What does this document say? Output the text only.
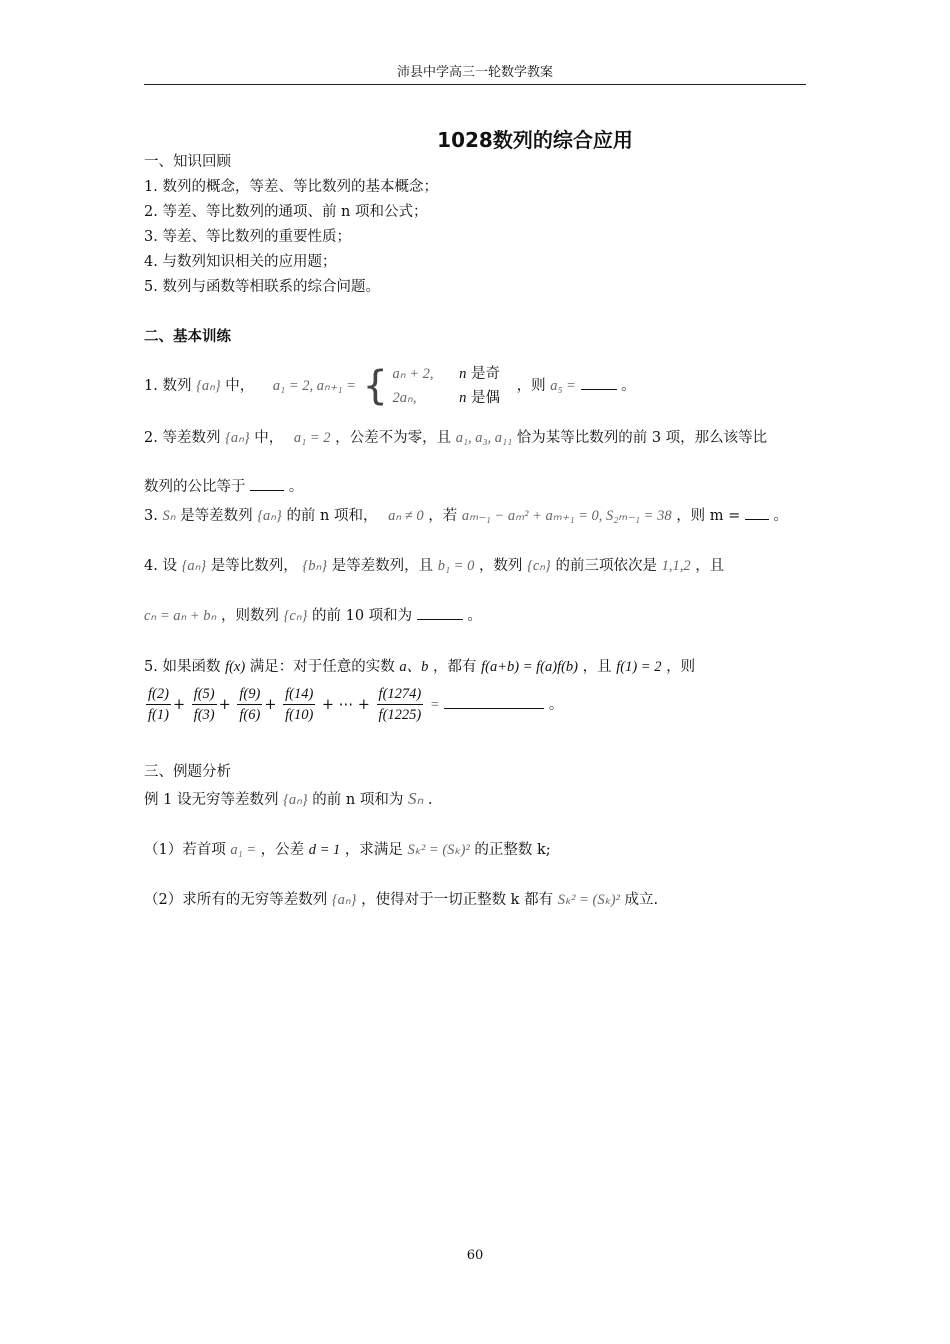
沛县中学高三一轮数学教案
1028数列的综合应用
一、知识回顾
1. 数列的概念，等差、等比数列的基本概念；
2. 等差、等比数列的通项、前 n 项和公式；
3. 等差、等比数列的重要性质；
4. 与数列知识相关的应用题；
5. 数列与函数等相联系的综合问题。
二、基本训练
1. 数列 {aₙ} 中， a₁ = 2, aₙ₊₁ = { aₙ + 2, n 是奇
2aₙ,	n 是偶
，则 a₅ =	。
2. 等差数列 {aₙ} 中， a₁ = 2 ，公差不为零，且 a₁, a₃, a₁₁ 恰为某等比数列的前 3 项，那么该等比
数列的公比等于	。
3. Sₙ 是等差数列 {aₙ} 的前 n 项和， aₙ ≠ 0 ，若 aₘ₋₁ − aₘ² + aₘ₊₁ = 0, S₂ₘ₋₁ = 38 ，则 m = 。
4. 设 {aₙ} 是等比数列， {bₙ} 是等差数列，且 b₁ = 0 ，数列 {cₙ} 的前三项依次是 1,1,2 ，且
cₙ = aₙ + bₙ ，则数列 {cₙ} 的前 10 项和为	。
5. 如果函数 f(x) 满足：对于任意的实数 a、b ，都有 f(a+b) = f(a)f(b) ，且 f(1) = 2 ，则
$\frac{f(2)}{f(1)} + \frac{f(5)}{f(3)} + \frac{f(9)}{f(6)} + \frac{f(14)}{f(10)}$ + ⋯ + $\frac{f(1274)}{f(1225)}$ =	。
三、例题分析
例 1 设无穷等差数列 {aₙ} 的前 n 项和为 Sₙ .
（1）若首项 a₁ = ，公差 d = 1 ，求满足 Sₖ² = (Sₖ)² 的正整数 k;
（2）求所有的无穷等差数列 {aₙ} ，使得对于一切正整数 k 都有 Sₖ² = (Sₖ)² 成立.
60
